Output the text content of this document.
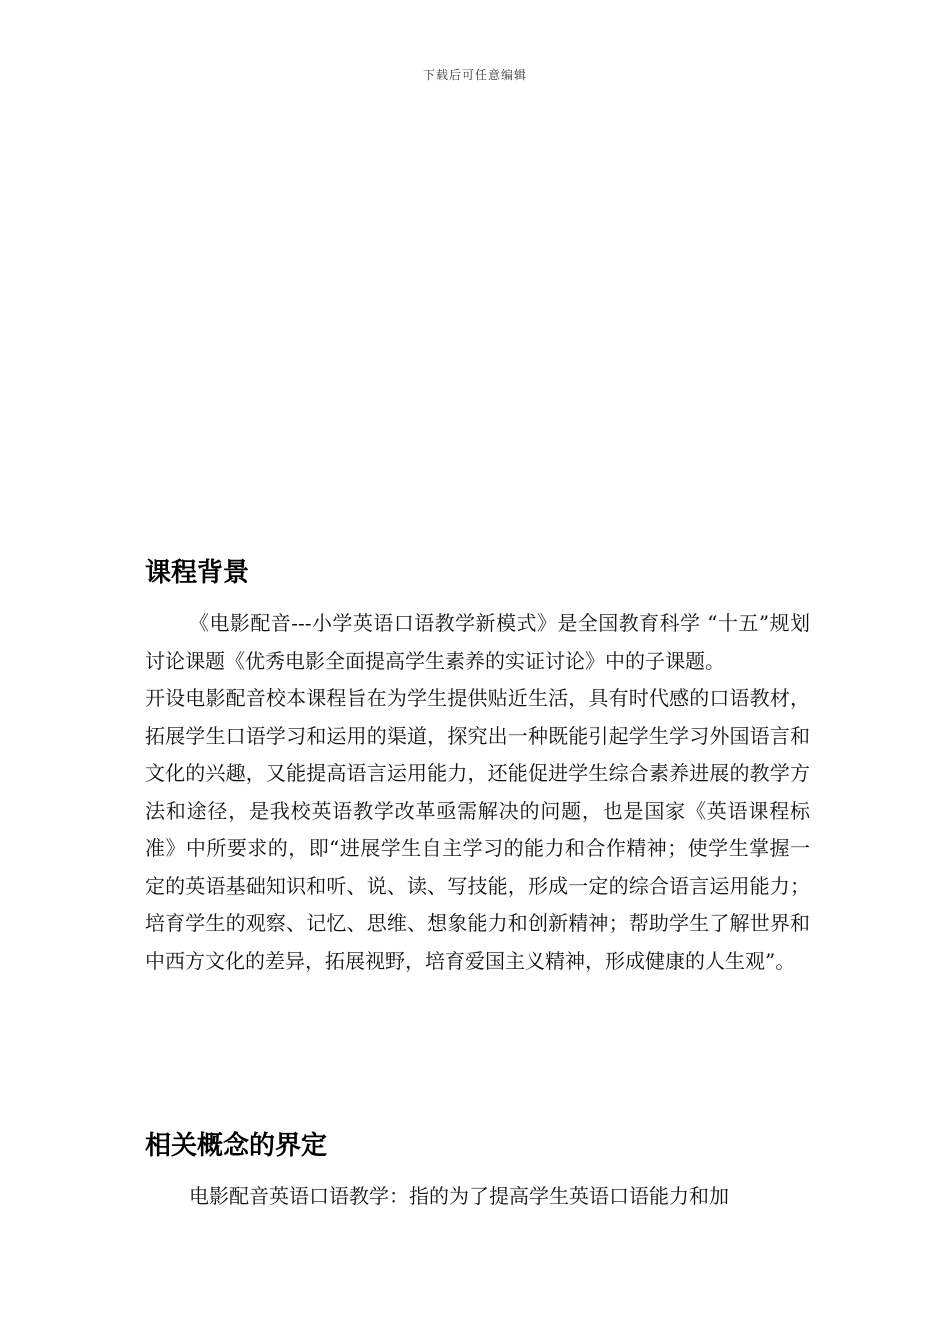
下载后可任意编辑
课程背景

《电影配音---小学英语口语教学新模式》是全国教育科学 “十五”规划讨论课题《优秀电影全面提高学生素养的实证讨论》中的子课题。

开设电影配音校本课程旨在为学生提供贴近生活，具有时代感的口语教材，拓展学生口语学习和运用的渠道，探究出一种既能引起学生学习外国语言和文化的兴趣，又能提高语言运用能力，还能促进学生综合素养进展的教学方法和途径，是我校英语教学改革亟需解决的问题，也是国家《英语课程标准》中所要求的，即“进展学生自主学习的能力和合作精神；使学生掌握一定的英语基础知识和听、说、读、写技能，形成一定的综合语言运用能力；培育学生的观察、记忆、思维、想象能力和创新精神；帮助学生了解世界和中西方文化的差异，拓展视野，培育爱国主义精神，形成健康的人生观”。

相关概念的界定

电影配音英语口语教学：指的为了提高学生英语口语能力和加
